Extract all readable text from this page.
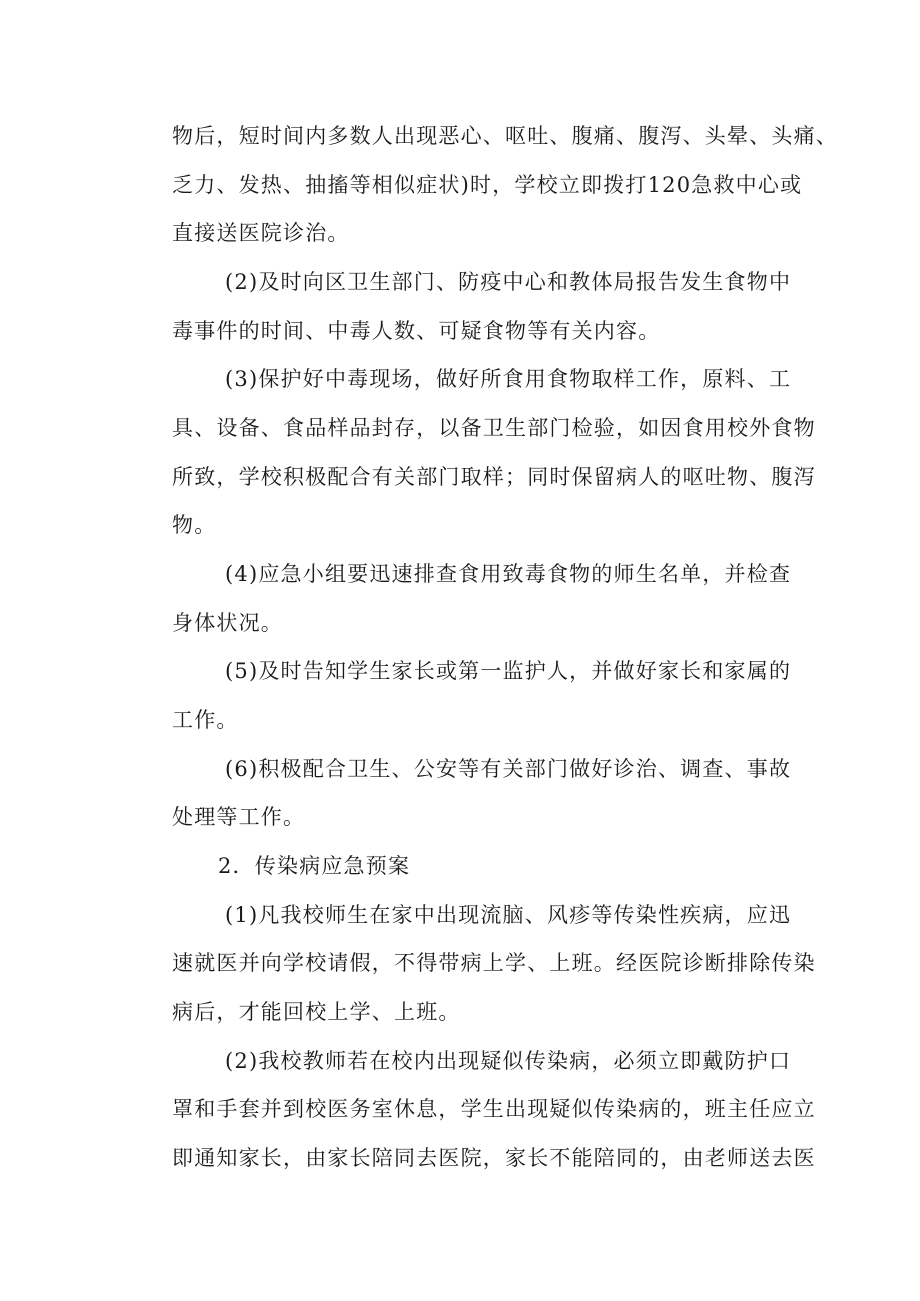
物后，短时间内多数人出现恶心、呕吐、腹痛、腹泻、头晕、头痛、
乏力、发热、抽搐等相似症状)时，学校立即拨打120急救中心或
直接送医院诊治。
(2)及时向区卫生部门、防疫中心和教体局报告发生食物中
毒事件的时间、中毒人数、可疑食物等有关内容。
(3)保护好中毒现场，做好所食用食物取样工作，原料、工
具、设备、食品样品封存，以备卫生部门检验，如因食用校外食物
所致，学校积极配合有关部门取样；同时保留病人的呕吐物、腹泻
物。
(4)应急小组要迅速排查食用致毒食物的师生名单，并检查
身体状况。
(5)及时告知学生家长或第一监护人，并做好家长和家属的
工作。
(6)积极配合卫生、公安等有关部门做好诊治、调查、事故
处理等工作。
2．传染病应急预案
(1)凡我校师生在家中出现流脑、风疹等传染性疾病，应迅
速就医并向学校请假，不得带病上学、上班。经医院诊断排除传染
病后，才能回校上学、上班。
(2)我校教师若在校内出现疑似传染病，必须立即戴防护口
罩和手套并到校医务室休息，学生出现疑似传染病的，班主任应立
即通知家长，由家长陪同去医院，家长不能陪同的，由老师送去医
